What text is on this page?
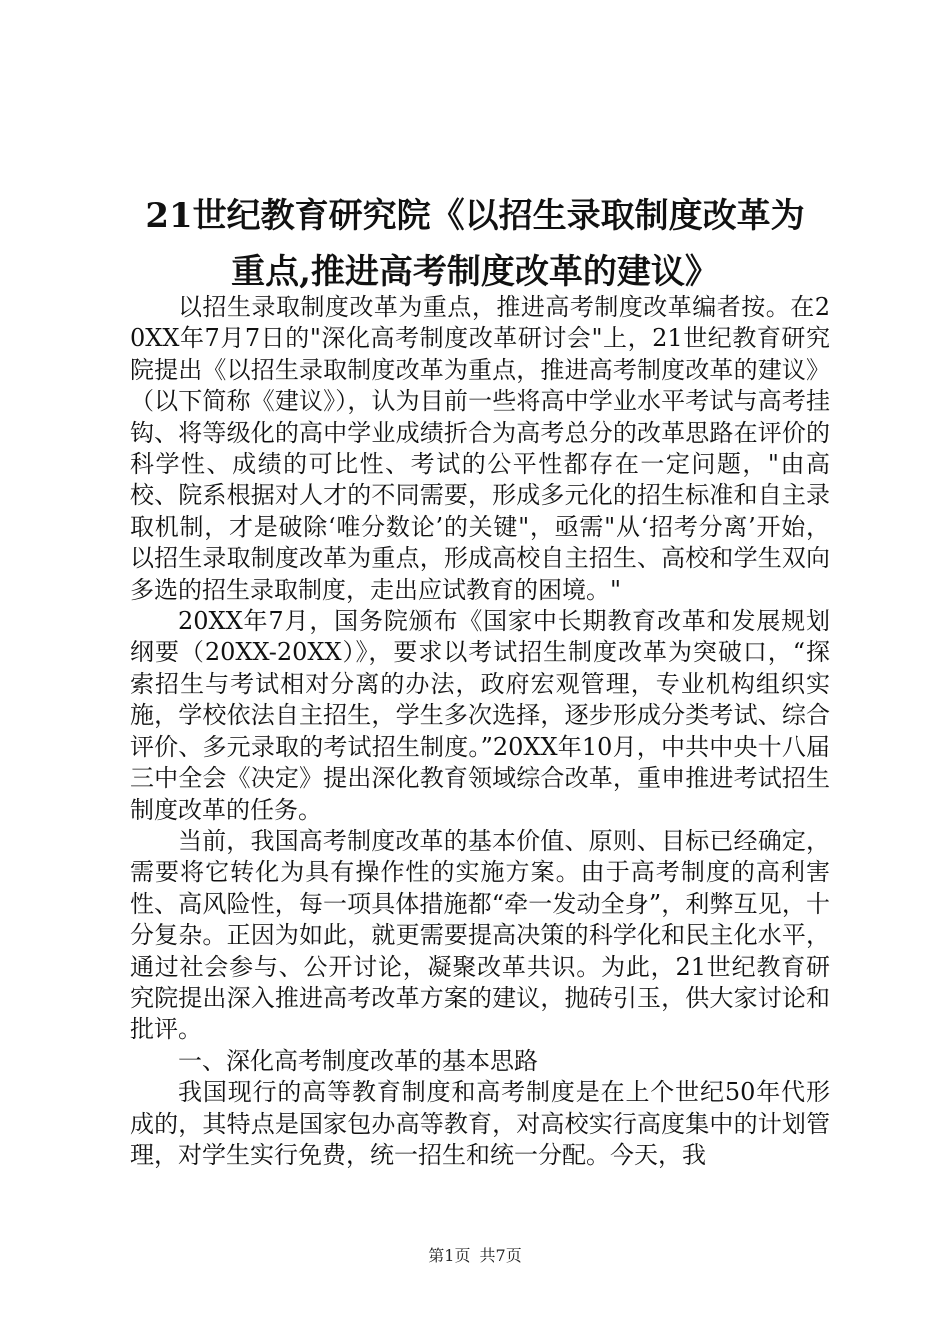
21世纪教育研究院《以招生录取制度改革为
重点,推进高考制度改革的建议》

以招生录取制度改革为重点，推进高考制度改革编者按。在20XX年7月7日的"深化高考制度改革研讨会"上，21世纪教育研究院提出《以招生录取制度改革为重点，推进高考制度改革的建议》（以下简称《建议》），认为目前一些将高中学业水平考试与高考挂钩、将等级化的高中学业成绩折合为高考总分的改革思路在评价的科学性、成绩的可比性、考试的公平性都存在一定问题，"由高校、院系根据对人才的不同需要，形成多元化的招生标准和自主录取机制，才是破除‘唯分数论’的关键"，亟需"从‘招考分离’开始，以招生录取制度改革为重点，形成高校自主招生、高校和学生双向多选的招生录取制度，走出应试教育的困境。"

20XX年7月，国务院颁布《国家中长期教育改革和发展规划纲要（20XX-20XX）》，要求以考试招生制度改革为突破口，“探索招生与考试相对分离的办法，政府宏观管理，专业机构组织实施，学校依法自主招生，学生多次选择，逐步形成分类考试、综合评价、多元录取的考试招生制度。”20XX年10月，中共中央十八届三中全会《决定》提出深化教育领域综合改革，重申推进考试招生制度改革的任务。

当前，我国高考制度改革的基本价值、原则、目标已经确定，需要将它转化为具有操作性的实施方案。由于高考制度的高利害性、高风险性，每一项具体措施都“牵一发动全身”，利弊互见，十分复杂。正因为如此，就更需要提高决策的科学化和民主化水平，通过社会参与、公开讨论，凝聚改革共识。为此，21世纪教育研究院提出深入推进高考改革方案的建议，抛砖引玉，供大家讨论和批评。

一、深化高考制度改革的基本思路

我国现行的高等教育制度和高考制度是在上个世纪50年代形成的，其特点是国家包办高等教育，对高校实行高度集中的计划管理，对学生实行免费，统一招生和统一分配。今天，我

第1页 共7页
